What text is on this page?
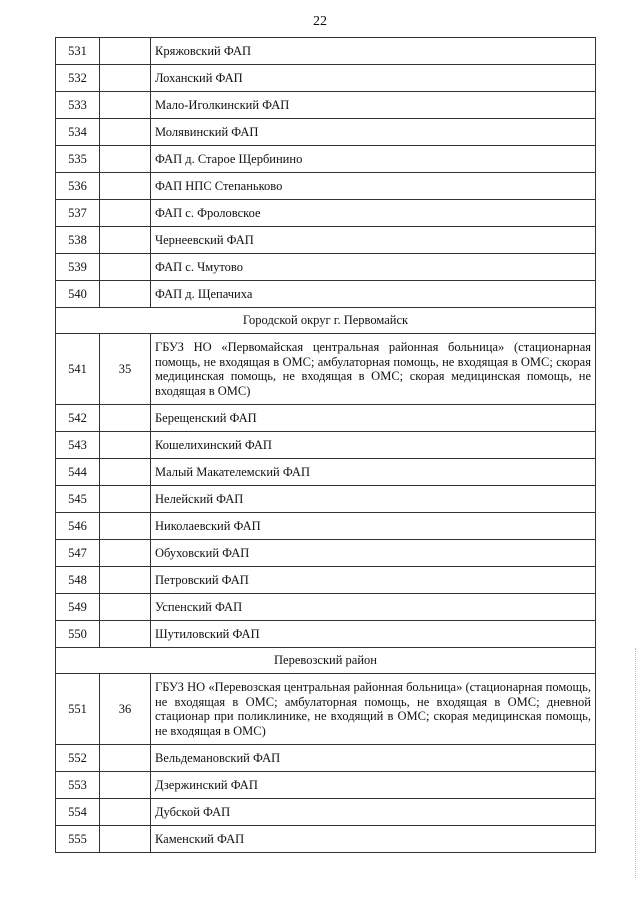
22
531		Кряжовский ФАП
532		Лоханский ФАП
533		Мало-Иголкинский ФАП
534		Молявинский ФАП
535		ФАП д. Старое Щербинино
536		ФАП НПС Степаньково
537		ФАП с. Фроловское
538		Чернеевский ФАП
539		ФАП с. Чмутово
540		ФАП д. Щепачиха
Городской округ г. Первомайск		
541	35	ГБУЗ НО «Первомайская центральная районная больница» (стационарная помощь, не входящая в ОМС; амбулаторная помощь, не входящая в ОМС; скорая медицинская помощь, не входящая в ОМС; скорая медицинская помощь, не входящая в ОМС)
542		Берещенский ФАП
543		Кошелихинский ФАП
544		Малый Макателемский ФАП
545		Нелейский ФАП
546		Николаевский ФАП
547		Обуховский ФАП
548		Петровский ФАП
549		Успенский ФАП
550		Шутиловский ФАП
Перевозский район		
551	36	ГБУЗ НО «Перевозская центральная районная больница» (стационарная помощь, не входящая в ОМС; амбулаторная помощь, не входящая в ОМС; дневной стационар при поликлинике, не входящий в ОМС; скорая медицинская помощь, не входящая в ОМС)
552		Вельдемановский ФАП
553		Дзержинский ФАП
554		Дубской ФАП
555		Каменский ФАП
